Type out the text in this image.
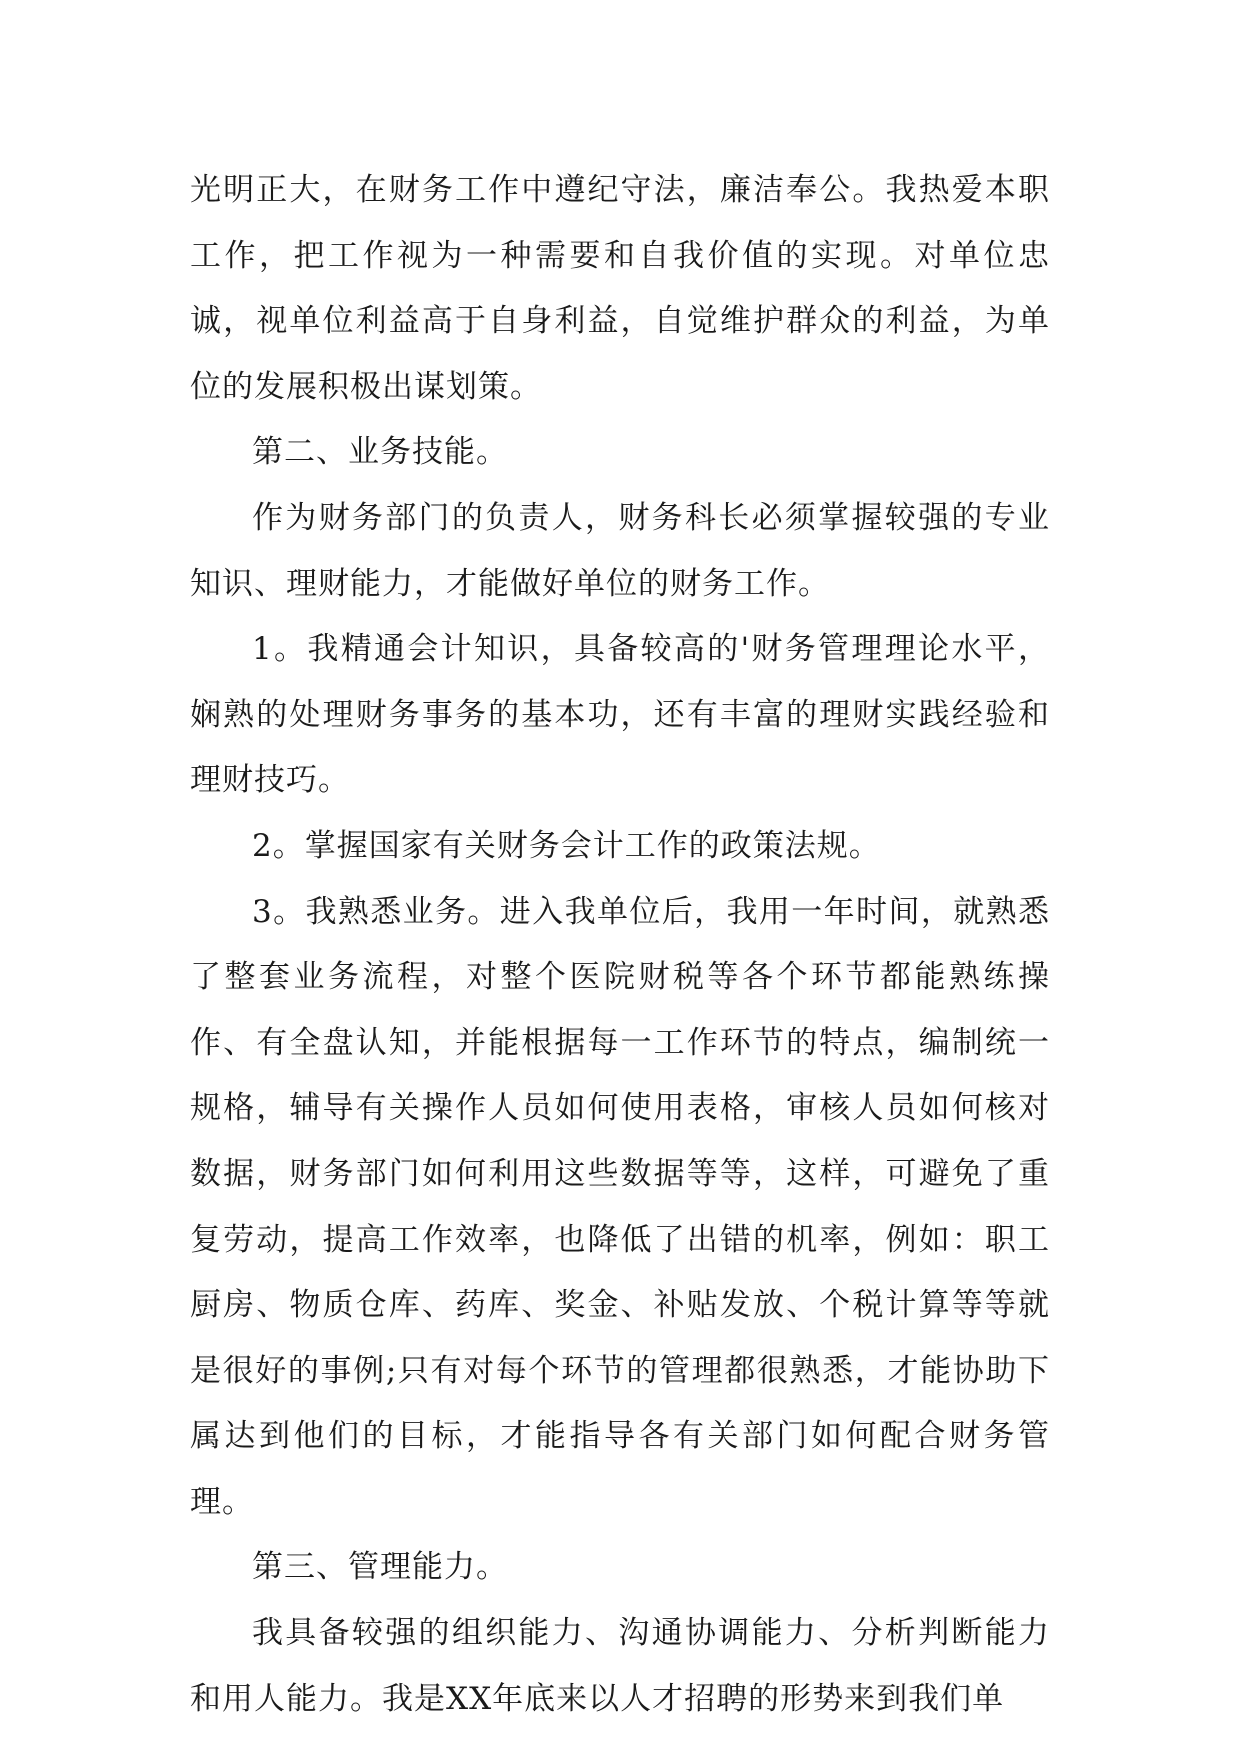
光明正大，在财务工作中遵纪守法，廉洁奉公。我热爱本职工作，把工作视为一种需要和自我价值的实现。对单位忠诚，视单位利益高于自身利益，自觉维护群众的利益，为单位的发展积极出谋划策。

第二、业务技能。

作为财务部门的负责人，财务科长必须掌握较强的专业知识、理财能力，才能做好单位的财务工作。

1。我精通会计知识，具备较高的'财务管理理论水平，娴熟的处理财务事务的基本功，还有丰富的理财实践经验和理财技巧。

2。掌握国家有关财务会计工作的政策法规。

3。我熟悉业务。进入我单位后，我用一年时间，就熟悉了整套业务流程，对整个医院财税等各个环节都能熟练操作、有全盘认知，并能根据每一工作环节的特点，编制统一规格，辅导有关操作人员如何使用表格，审核人员如何核对数据，财务部门如何利用这些数据等等，这样，可避免了重复劳动，提高工作效率，也降低了出错的机率，例如：职工厨房、物质仓库、药库、奖金、补贴发放、个税计算等等就是很好的事例;只有对每个环节的管理都很熟悉，才能协助下属达到他们的目标，才能指导各有关部门如何配合财务管理。

第三、管理能力。

我具备较强的组织能力、沟通协调能力、分析判断能力和用人能力。我是XX年底来以人才招聘的形势来到我们单
